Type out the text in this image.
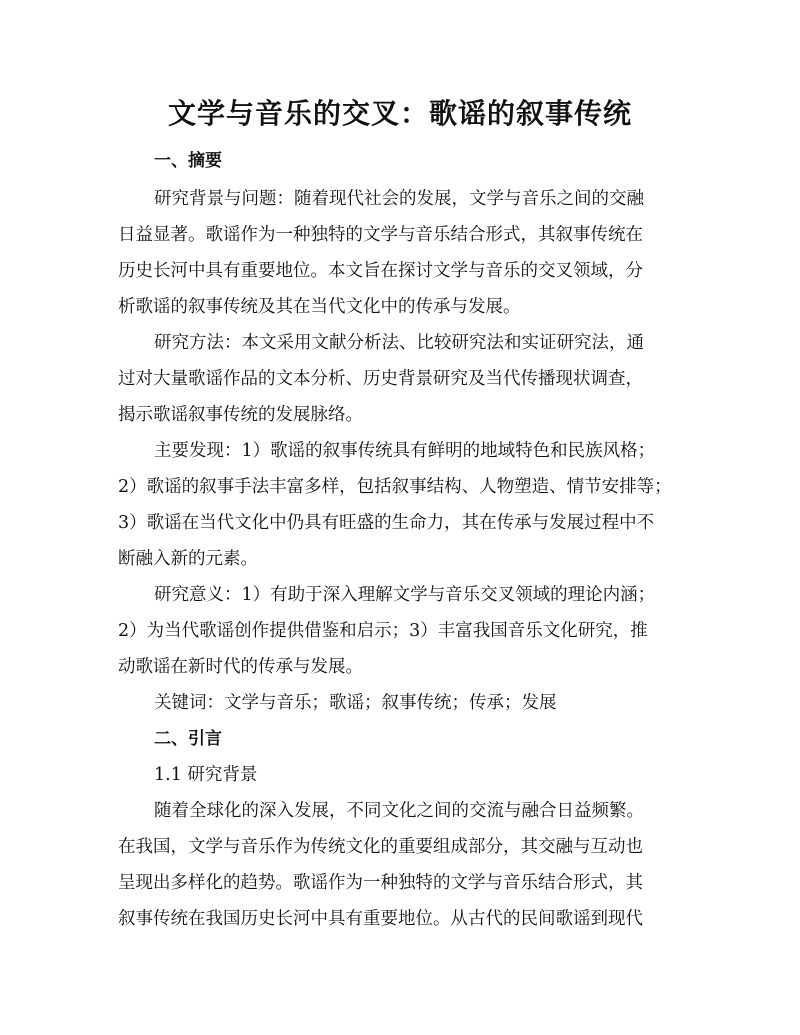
文学与音乐的交叉：歌谣的叙事传统
一、摘要
研究背景与问题：随着现代社会的发展，文学与音乐之间的交融
日益显著。歌谣作为一种独特的文学与音乐结合形式，其叙事传统在
历史长河中具有重要地位。本文旨在探讨文学与音乐的交叉领域，分
析歌谣的叙事传统及其在当代文化中的传承与发展。
研究方法：本文采用文献分析法、比较研究法和实证研究法，通
过对大量歌谣作品的文本分析、历史背景研究及当代传播现状调查，
揭示歌谣叙事传统的发展脉络。
主要发现：1）歌谣的叙事传统具有鲜明的地域特色和民族风格；
2）歌谣的叙事手法丰富多样，包括叙事结构、人物塑造、情节安排等；
3）歌谣在当代文化中仍具有旺盛的生命力，其在传承与发展过程中不
断融入新的元素。
研究意义：1）有助于深入理解文学与音乐交叉领域的理论内涵；
2）为当代歌谣创作提供借鉴和启示；3）丰富我国音乐文化研究，推
动歌谣在新时代的传承与发展。
关键词：文学与音乐；歌谣；叙事传统；传承；发展
二、引言
1.1 研究背景
随着全球化的深入发展，不同文化之间的交流与融合日益频繁。
在我国，文学与音乐作为传统文化的重要组成部分，其交融与互动也
呈现出多样化的趋势。歌谣作为一种独特的文学与音乐结合形式，其
叙事传统在我国历史长河中具有重要地位。从古代的民间歌谣到现代
